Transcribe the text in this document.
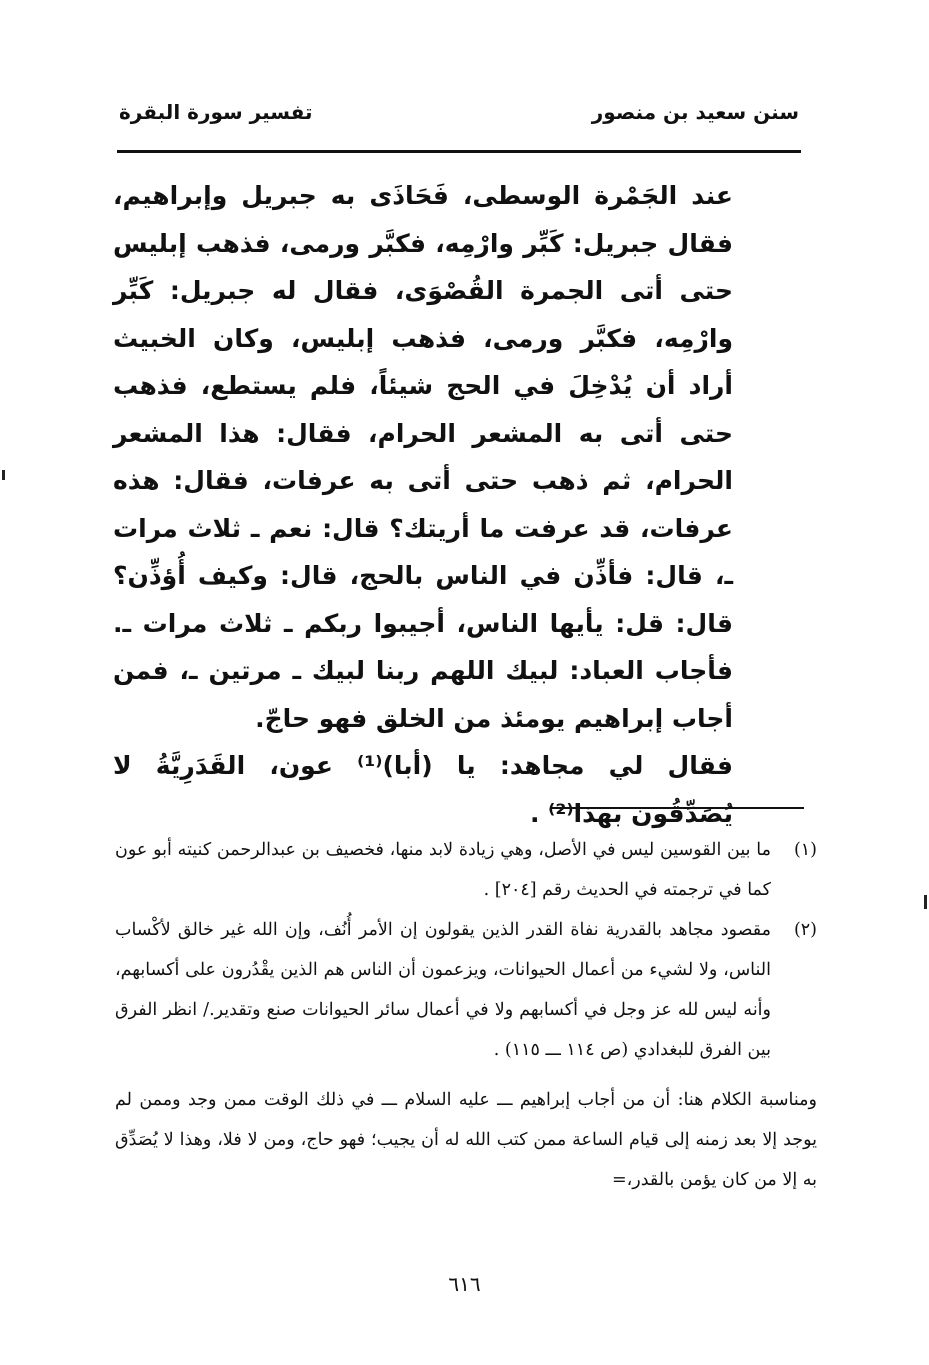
سنن سعيد بن منصور
تفسير سورة البقرة

عند الجَمْرة الوسطى، فَحَاذَى به جبريل وإبراهيم، فقال جبريل: كَبِّر وارْمِه، فكبَّر ورمى، فذهب إبليس حتى أتى الجمرة القُصْوَى، فقال له جبريل: كَبِّر وارْمِه، فكبَّر ورمى، فذهب إبليس، وكان الخبيث أراد أن يُدْخِلَ في الحج شيئاً، فلم يستطع، فذهب حتى أتى به المشعر الحرام، فقال: هذا المشعر الحرام، ثم ذهب حتى أتى به عرفات، فقال: هذه عرفات، قد عرفت ما أريتك؟ قال: نعم ـ ثلاث مرات ـ، قال: فأذِّن في الناس بالحج، قال: وكيف أُؤذِّن؟ قال: قل: يأيها الناس، أجيبوا ربكم ـ ثلاث مرات ـ. فأجاب العباد: لبيك اللهم ربنا لبيك ـ مرتين ـ، فمن أجاب إبراهيم يومئذ من الخلق فهو حاجّ.

فقال لي مجاهد: يا (أبا)⁽¹⁾ عون، القَدَرِيَّةُ لا يُصَدِّقُون بهذا⁽²⁾ .

(١)
ما بين القوسين ليس في الأصل، وهي زيادة لابد منها، فخصيف بن عبدالرحمن كنيته أبو عون كما في ترجمته في الحديث رقم [٢٠٤] .
(٢)
مقصود مجاهد بالقدرية نفاة القدر الذين يقولون إن الأمر أُنُف، وإن الله غير خالق لأكْساب الناس، ولا لشيء من أعمال الحيوانات، ويزعمون أن الناس هم الذين يقْدُرون على أكسابهم، وأنه ليس لله عز وجل في أكسابهم ولا في أعمال سائر الحيوانات صنع وتقدير./ انظر الفرق بين الفرق للبغدادي (ص ١١٤ ـــ ١١٥) .
ومناسبة الكلام هنا: أن من أجاب إبراهيم ـــ عليه السلام ـــ في ذلك الوقت ممن وجد وممن لم يوجد إلا بعد زمنه إلى قيام الساعة ممن كتب الله له أن يجيب؛ فهو حاج، ومن لا فلا، وهذا لا يُصَدِّق به إلا من كان يؤمن بالقدر،=
٦١٦
